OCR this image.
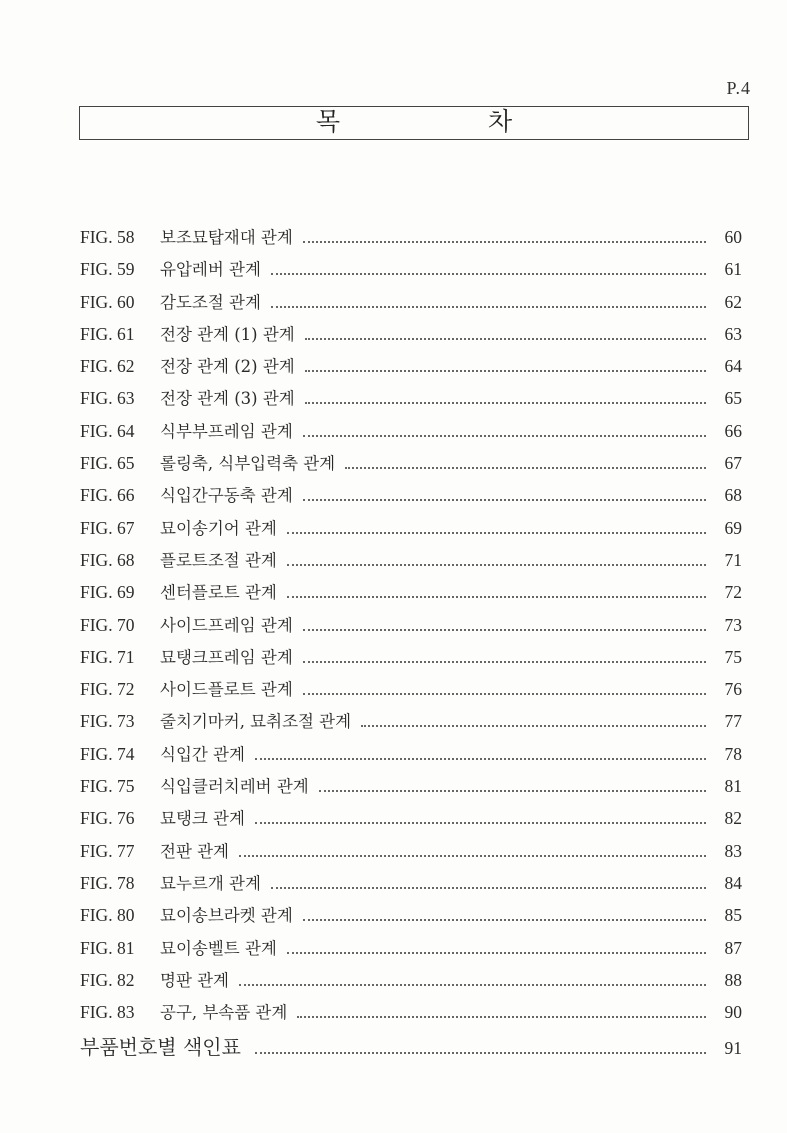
P.4
목 차
FIG. 58	보조묘탑재대 관계	60
FIG. 59	유압레버 관계	61
FIG. 60	감도조절 관계	62
FIG. 61	전장 관계 (1) 관계	63
FIG. 62	전장 관계 (2) 관계	64
FIG. 63	전장 관계 (3) 관계	65
FIG. 64	식부부프레임 관계	66
FIG. 65	롤링축, 식부입력축 관계	67
FIG. 66	식입간구동축 관계	68
FIG. 67	묘이송기어 관계	69
FIG. 68	플로트조절 관계	71
FIG. 69	센터플로트 관계	72
FIG. 70	사이드프레임 관계	73
FIG. 71	묘탱크프레임 관계	75
FIG. 72	사이드플로트 관계	76
FIG. 73	줄치기마커, 묘취조절 관계	77
FIG. 74	식입간 관계	78
FIG. 75	식입클러치레버 관계	81
FIG. 76	묘탱크 관계	82
FIG. 77	전판 관계	83
FIG. 78	묘누르개 관계	84
FIG. 80	묘이송브라켓 관계	85
FIG. 81	묘이송벨트 관계	87
FIG. 82	명판 관계	88
FIG. 83	공구, 부속품 관계	90
부품번호별 색인표	91
